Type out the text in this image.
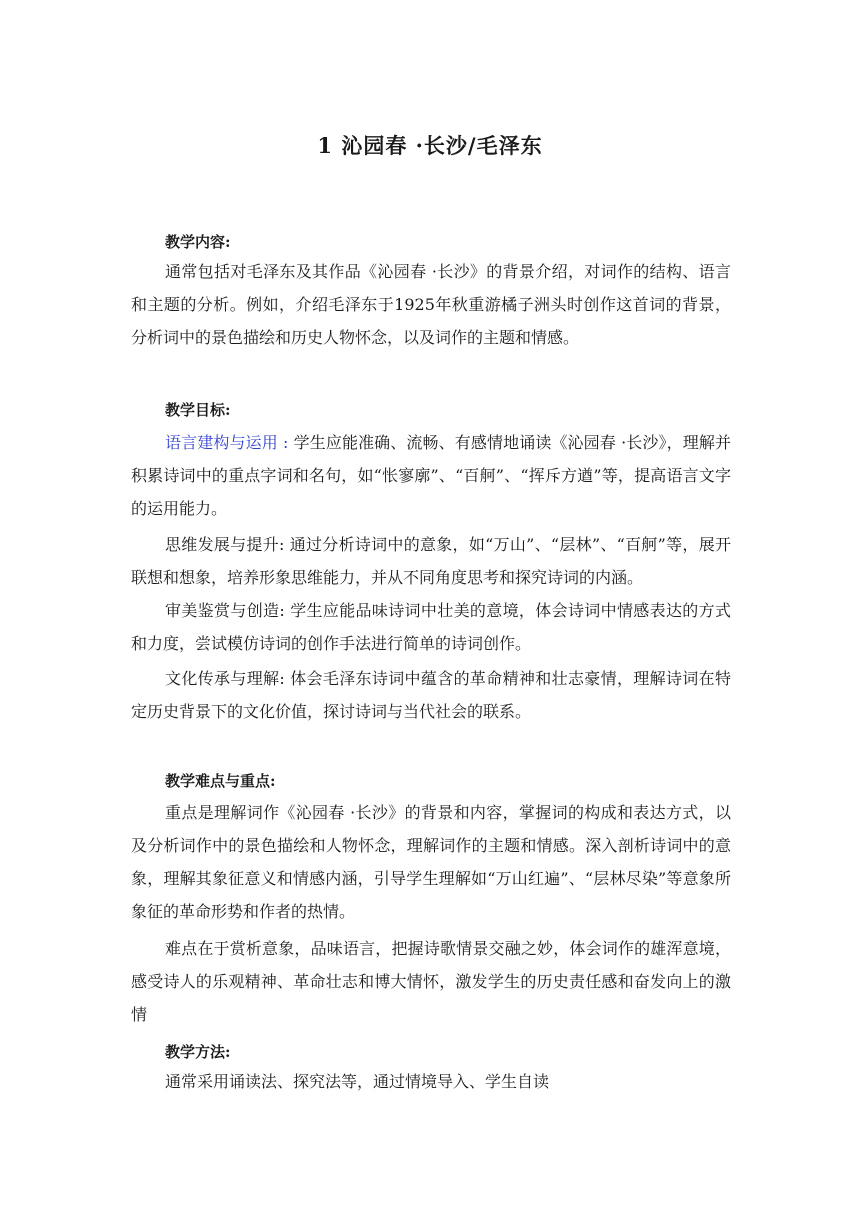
1 沁园春 ·长沙/毛泽东
教学内容:
通常包括对毛泽东及其作品《沁园春 ·长沙》的背景介绍，对词作的结构、语言和主题的分析。例如，介绍毛泽东于1925年秋重游橘子洲头时创作这首词的背景，分析词中的景色描绘和历史人物怀念，以及词作的主题和情感。
教学目标:
语言建构与运用 : 学生应能准确、流畅、有感情地诵读《沁园春 ·长沙》，理解并积累诗词中的重点字词和名句，如“怅寥廓”、“百舸”、“挥斥方遒”等，提高语言文字的运用能力。
思维发展与提升: 通过分析诗词中的意象，如“万山”、“层林”、“百舸”等，展开联想和想象，培养形象思维能力，并从不同角度思考和探究诗词的内涵。
审美鉴赏与创造: 学生应能品味诗词中壮美的意境，体会诗词中情感表达的方式和力度，尝试模仿诗词的创作手法进行简单的诗词创作。
文化传承与理解: 体会毛泽东诗词中蕴含的革命精神和壮志豪情，理解诗词在特定历史背景下的文化价值，探讨诗词与当代社会的联系。
教学难点与重点:
重点是理解词作《沁园春 ·长沙》的背景和内容，掌握词的构成和表达方式，以及分析词作中的景色描绘和人物怀念，理解词作的主题和情感。深入剖析诗词中的意象，理解其象征意义和情感内涵，引导学生理解如“万山红遍”、“层林尽染”等意象所象征的革命形势和作者的热情。
难点在于赏析意象，品味语言，把握诗歌情景交融之妙，体会词作的雄浑意境，感受诗人的乐观精神、革命壮志和博大情怀，激发学生的历史责任感和奋发向上的激情
教学方法:
通常采用诵读法、探究法等，通过情境导入、学生自读
